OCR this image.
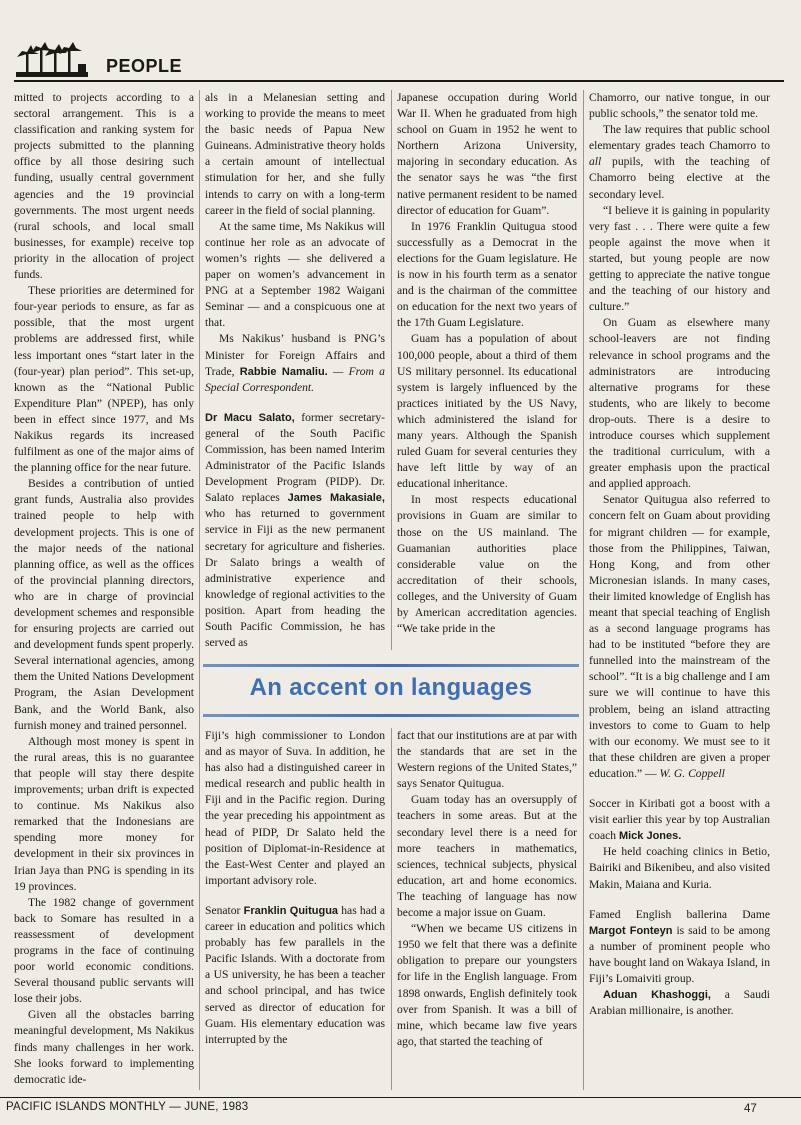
PEOPLE

mitted to projects according to a sectoral arrangement. This is a classification and ranking system for projects submitted to the planning office by all those desiring such funding, usually central government agencies and the 19 provincial governments. The most urgent needs (rural schools, and local small businesses, for example) receive top priority in the allocation of project funds.

These priorities are determined for four-year periods to ensure, as far as possible, that the most urgent problems are addressed first, while less important ones “start later in the (four-year) plan period”. This set-up, known as the “National Public Expenditure Plan” (NPEP), has only been in effect since 1977, and Ms Nakikus regards its increased fulfilment as one of the major aims of the planning office for the near future.

Besides a contribution of untied grant funds, Australia also provides trained people to help with development projects. This is one of the major needs of the national planning office, as well as the offices of the provincial planning directors, who are in charge of provincial development schemes and responsible for ensuring projects are carried out and development funds spent properly. Several international agencies, among them the United Nations Development Program, the Asian Development Bank, and the World Bank, also furnish money and trained personnel.

Although most money is spent in the rural areas, this is no guarantee that people will stay there despite improvements; urban drift is expected to continue. Ms Nakikus also remarked that the Indonesians are spending more money for development in their six provinces in Irian Jaya than PNG is spending in its 19 provinces.

The 1982 change of government back to Somare has resulted in a reassessment of development programs in the face of continuing poor world economic conditions. Several thousand public servants will lose their jobs.

Given all the obstacles barring meaningful development, Ms Nakikus finds many challenges in her work. She looks forward to implementing democratic ide-

als in a Melanesian setting and working to provide the means to meet the basic needs of Papua New Guineans. Administrative theory holds a certain amount of intellectual stimulation for her, and she fully intends to carry on with a long-term career in the field of social planning.

At the same time, Ms Nakikus will continue her role as an advocate of women’s rights — she delivered a paper on women’s advancement in PNG at a September 1982 Waigani Seminar — and a conspicuous one at that.

Ms Nakikus’ husband is PNG’s Minister for Foreign Affairs and Trade, Rabbie Namaliu. — From a Special Correspondent.

Dr Macu Salato, former secretary-general of the South Pacific Commission, has been named Interim Administrator of the Pacific Islands Development Program (PIDP). Dr. Salato replaces James Makasiale, who has returned to government service in Fiji as the new permanent secretary for agriculture and fisheries. Dr Salato brings a wealth of administrative experience and knowledge of regional activities to the position. Apart from heading the South Pacific Commission, he has served as

Japanese occupation during World War II. When he graduated from high school on Guam in 1952 he went to Northern Arizona University, majoring in secondary education. As the senator says he was “the first native permanent resident to be named director of education for Guam”.

In 1976 Franklin Quitugua stood successfully as a Democrat in the elections for the Guam legislature. He is now in his fourth term as a senator and is the chairman of the committee on education for the next two years of the 17th Guam Legislature.

Guam has a population of about 100,000 people, about a third of them US military personnel. Its educational system is largely influenced by the practices initiated by the US Navy, which administered the island for many years. Although the Spanish ruled Guam for several centuries they have left little by way of an educational inheritance.

In most respects educational provisions in Guam are similar to those on the US mainland. The Guamanian authorities place considerable value on the accreditation of their schools, colleges, and the University of Guam by American accreditation agencies. “We take pride in the

An accent on languages

Fiji’s high commissioner to London and as mayor of Suva. In addition, he has also had a distinguished career in medical research and public health in Fiji and in the Pacific region. During the year preceding his appointment as head of PIDP, Dr Salato held the position of Diplomat-in-Residence at the East-West Center and played an important advisory role.

Senator Franklin Quitugua has had a career in education and politics which probably has few parallels in the Pacific Islands. With a doctorate from a US university, he has been a teacher and school principal, and has twice served as director of education for Guam. His elementary education was interrupted by the

fact that our institutions are at par with the standards that are set in the Western regions of the United States,” says Senator Quitugua.

Guam today has an oversupply of teachers in some areas. But at the secondary level there is a need for more teachers in mathematics, sciences, technical subjects, physical education, art and home economics. The teaching of language has now become a major issue on Guam.

“When we became US citizens in 1950 we felt that there was a definite obligation to prepare our youngsters for life in the English language. From 1898 onwards, English definitely took over from Spanish. It was a bill of mine, which became law five years ago, that started the teaching of

Chamorro, our native tongue, in our public schools,” the senator told me.

The law requires that public school elementary grades teach Chamorro to all pupils, with the teaching of Chamorro being elective at the secondary level.

“I believe it is gaining in popularity very fast . . . There were quite a few people against the move when it started, but young people are now getting to appreciate the native tongue and the teaching of our history and culture.”

On Guam as elsewhere many school-leavers are not finding relevance in school programs and the administrators are introducing alternative programs for these students, who are likely to become drop-outs. There is a desire to introduce courses which supplement the traditional curriculum, with a greater emphasis upon the practical and applied approach.

Senator Quitugua also referred to concern felt on Guam about providing for migrant children — for example, those from the Philippines, Taiwan, Hong Kong, and from other Micronesian islands. In many cases, their limited knowledge of English has meant that special teaching of English as a second language programs has had to be instituted “before they are funnelled into the mainstream of the school”. “It is a big challenge and I am sure we will continue to have this problem, being an island attracting investors to come to Guam to help with our economy. We must see to it that these children are given a proper education.” — W. G. Coppell

Soccer in Kiribati got a boost with a visit earlier this year by top Australian coach Mick Jones.

He held coaching clinics in Betio, Bairiki and Bikenibeu, and also visited Makin, Maiana and Kuria.

Famed English ballerina Dame Margot Fonteyn is said to be among a number of prominent people who have bought land on Wakaya Island, in Fiji’s Lomaiviti group.

Aduan Khashoggi, a Saudi Arabian millionaire, is another.

PACIFIC ISLANDS MONTHLY — JUNE, 1983	47
